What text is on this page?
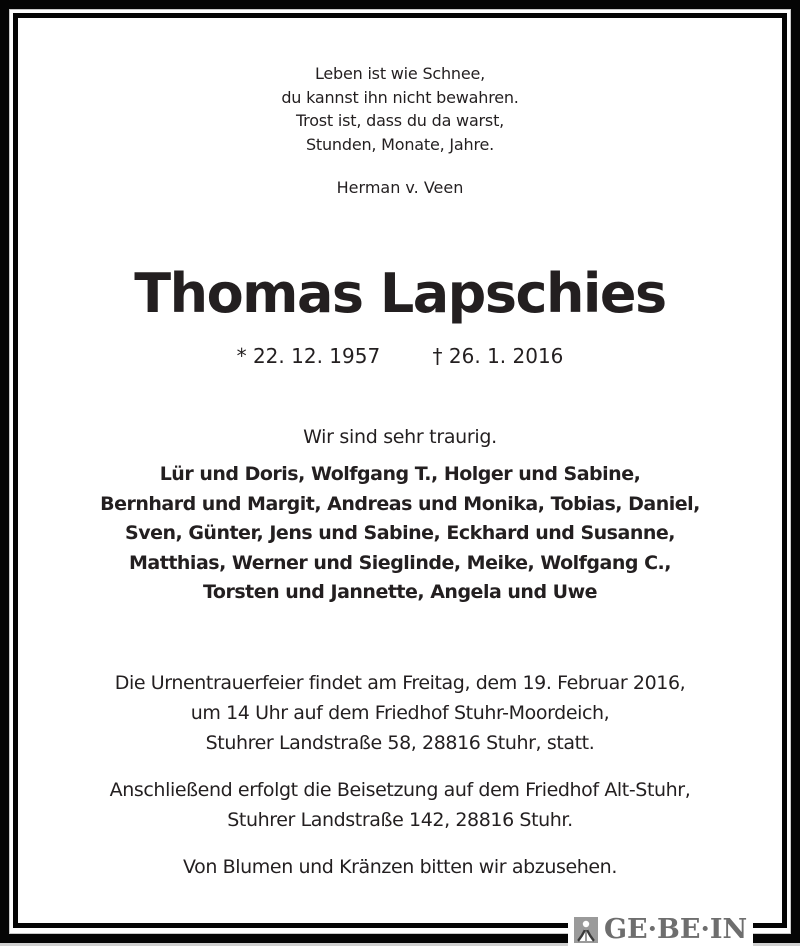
Leben ist wie Schnee,
du kannst ihn nicht bewahren.
Trost ist, dass du da warst,
Stunden, Monate, Jahre.
Herman v. Veen
Thomas Lapschies
* 22. 12. 1957	† 26. 1. 2016
Wir sind sehr traurig.
Lür und Doris, Wolfgang T., Holger und Sabine,
Bernhard und Margit, Andreas und Monika, Tobias, Daniel,
Sven, Günter, Jens und Sabine, Eckhard und Susanne,
Matthias, Werner und Sieglinde, Meike, Wolfgang C.,
Torsten und Jannette, Angela und Uwe
Die Urnentrauerfeier findet am Freitag, dem 19. Februar 2016,
um 14 Uhr auf dem Friedhof Stuhr-Moordeich,
Stuhrer Landstraße 58, 28816 Stuhr, statt.
Anschließend erfolgt die Beisetzung auf dem Friedhof Alt-Stuhr,
Stuhrer Landstraße 142, 28816 Stuhr.
Von Blumen und Kränzen bitten wir abzusehen.
GE·BE·IN
